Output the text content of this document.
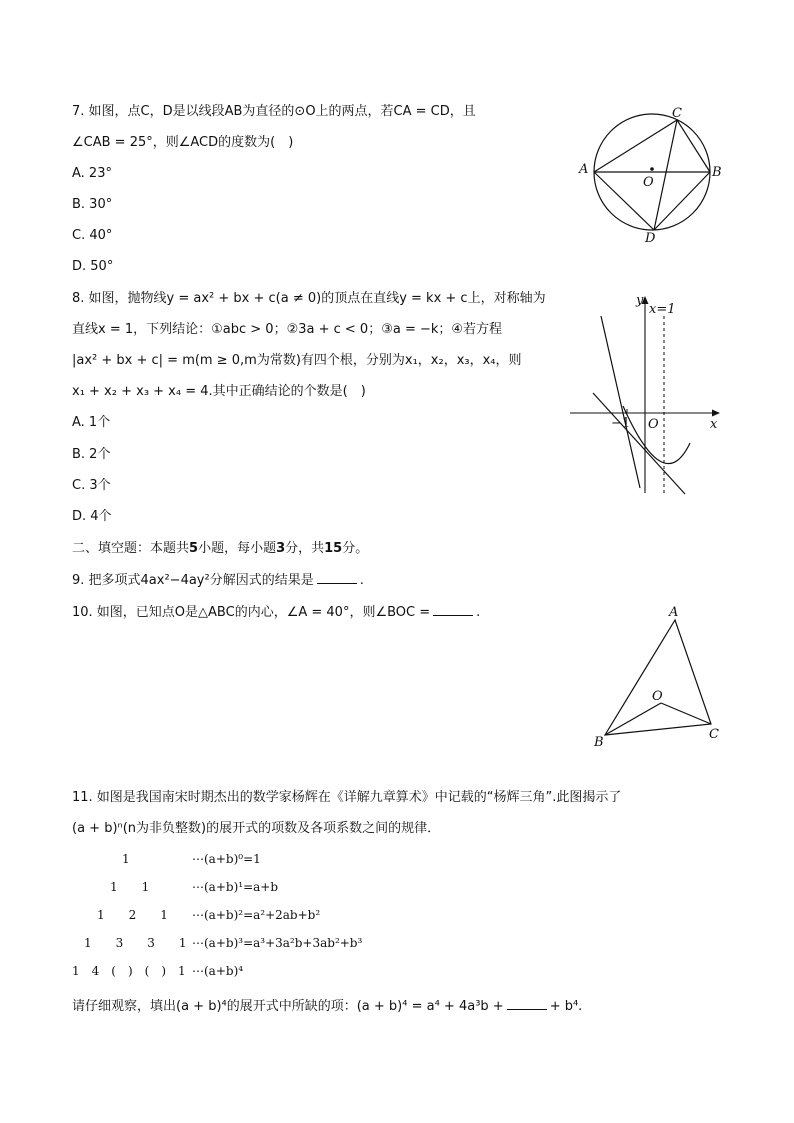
7. 如图，点C，D是以线段AB为直径的⊙O上的两点，若CA = CD，且
∠CAB = 25°，则∠ACD的度数为(　)
A. 23°
B. 30°
C. 40°
D. 50°
A	B
C
D
O
8. 如图，抛物线y = ax² + bx + c(a ≠ 0)的顶点在直线y = kx + c上，对称轴为
直线x = 1，下列结论：①abc > 0；②3a + c < 0；③a = −k；④若方程
|ax² + bx + c| = m(m ≥ 0,m为常数)有四个根，分别为x₁，x₂，x₃，x₄，则
x₁ + x₂ + x₃ + x₄ = 4.其中正确结论的个数是(　)
A. 1个
B. 2个
C. 3个
D. 4个
y
x
x=1
−1 O
二、填空题：本题共5小题，每小题3分，共15分。
9. 把多项式4ax²−4ay²分解因式的结果是	.
10. 如图，已知点O是△ABC的内心，∠A = 40°，则∠BOC =	.	A
B
C
O
11. 如图是我国南宋时期杰出的数学家杨辉在《详解九章算术》中记载的“杨辉三角”.此图揭示了
(a + b)ⁿ(n为非负整数)的展开式的项数及各项系数之间的规律．
1	⋯(a+b)⁰=1
1　　1	⋯(a+b)¹=a+b
1　　2　　1 ⋯(a+b)²=a²+2ab+b²
1　　3　　3　　1 ⋯(a+b)³=a³+3a²b+3ab²+b³
1　4　(　)　(　)　1 ⋯(a+b)⁴
请仔细观察，填出(a + b)⁴的展开式中所缺的项：(a + b)⁴ = a⁴ + 4a³b +	+ b⁴.
